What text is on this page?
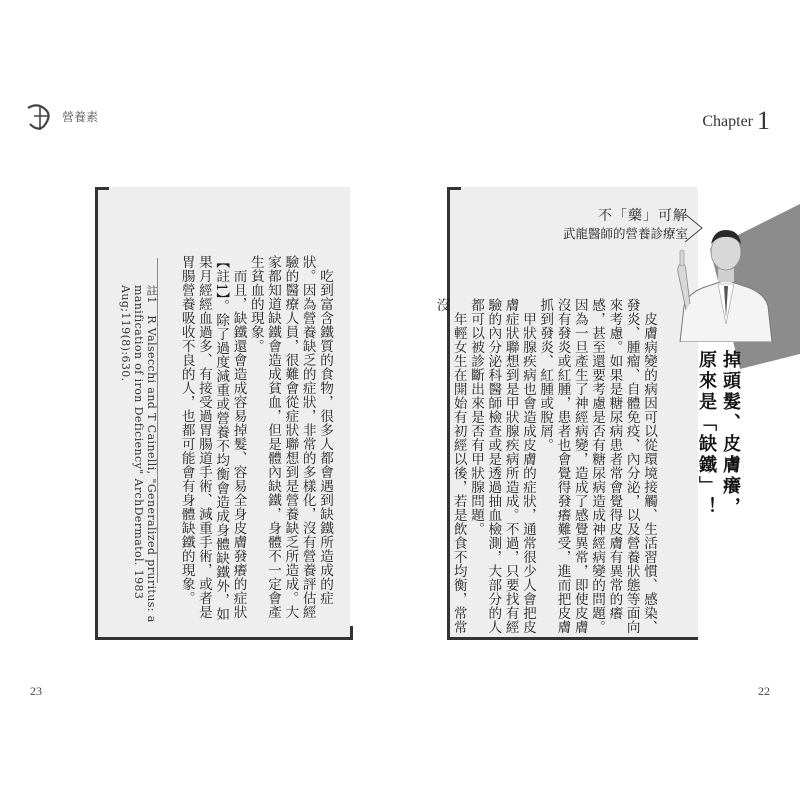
營養素	Chapter 1

吃到富含鐵質的食物，很多人都會遇到缺鐵所造成的症狀。因為營養缺乏的症狀，非常的多樣化，沒有營養評估經驗的醫療人員，很難會從症狀聯想到是營養缺乏所造成。大家都知道缺鐵會造成貧血，但是體內缺鐵，身體不一定會產生貧血的現象。

而且，缺鐵還會造成容易掉髮、容易全身皮膚發癢的症狀【註1】。除了過度減重或營養不均衡會造成身體缺鐵外，如果月經經血過多、有接受過胃腸道手術、減重手術，或者是胃腸營養吸收不良的人，也都可能會有身體缺鐵的現象。

註1　R Valsecchi and T Cainelli, "Generalized pruritus: a manification of iron Deficiency" ArchDermatol. 1983 Aug;119(8):630.

23
不「藥」可解
武龍醫師的營養診療室
掉頭髮、皮膚癢，
原來是「缺鐵」！

皮膚病變的病因可以從環境接觸、生活習慣、感染、發炎、腫瘤、自體免疫、內分泌，以及營養狀態等面向來考慮。如果是糖尿病患者常會覺得皮膚有異常的癢感，甚至還要考慮是否有糖尿病造成神經病變的問題。因為一旦產生了神經病變，造成了感覺異常，即使皮膚沒有發炎或紅腫，患者也會覺得發癢難受，進而把皮膚抓到發炎、紅腫或脫屑。

甲狀腺疾病也會造成皮膚的症狀，通常很少人會把皮膚症狀聯想到是甲狀腺疾病所造成。不過，只要找有經驗的內分泌科醫師檢查或是透過抽血檢測，大部分的人都可以被診斷出來是否有甲狀腺問題。

年輕女生在開始有初經以後，若是飲食不均衡，常常沒

22
